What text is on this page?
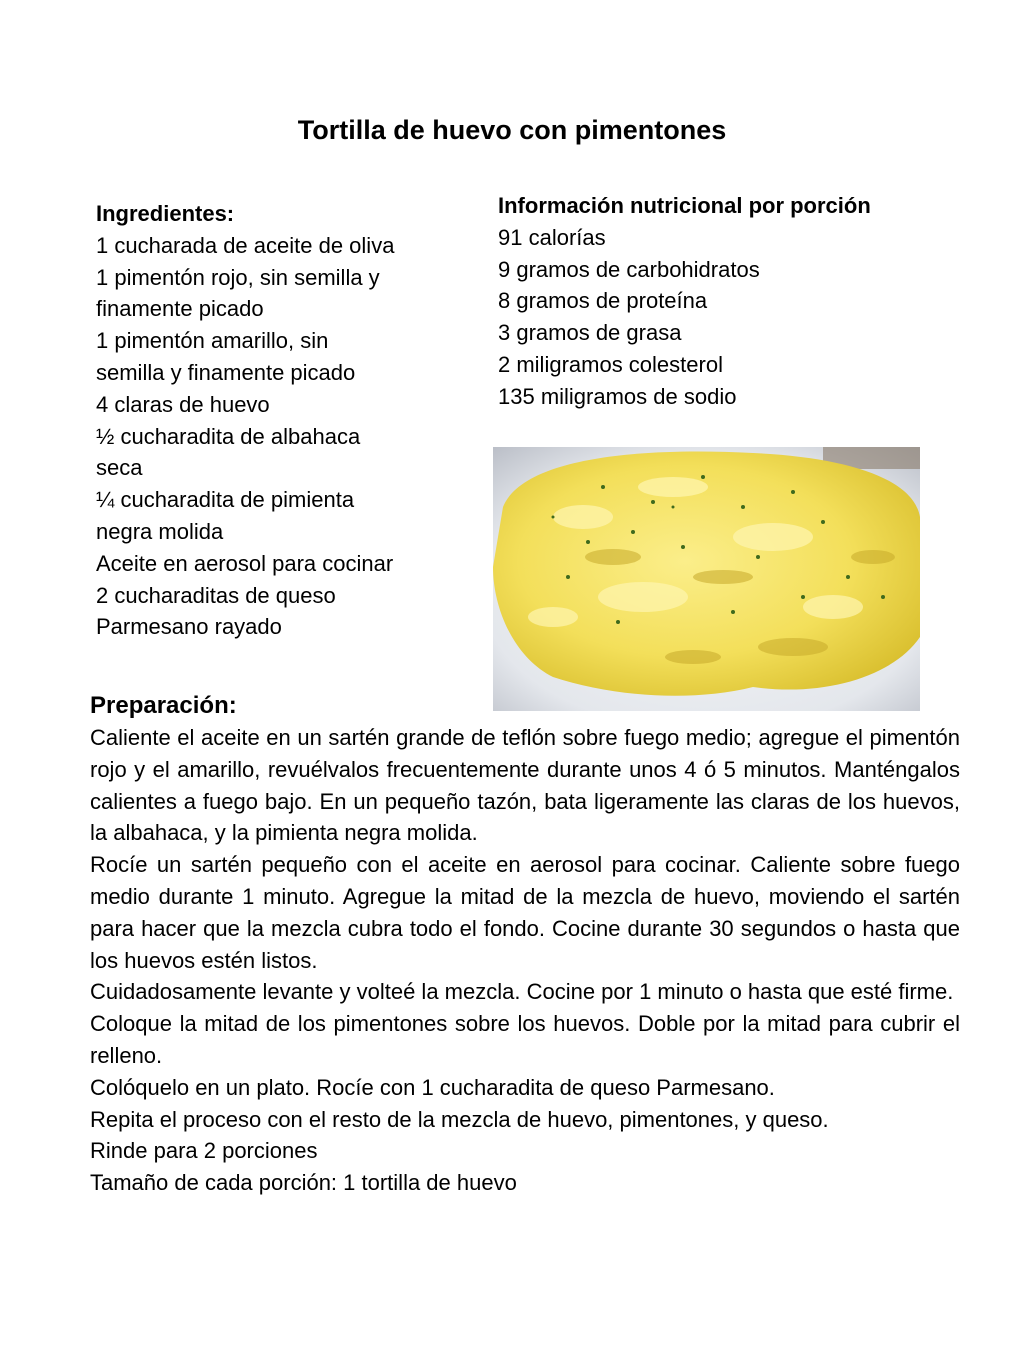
Tortilla de huevo con pimentones
Ingredientes:
1 cucharada de aceite de oliva
1 pimentón rojo, sin semilla y
finamente picado
1 pimentón amarillo, sin
semilla y finamente picado
4 claras de huevo
½ cucharadita de albahaca
seca
¼ cucharadita de pimienta
negra molida
Aceite en aerosol para cocinar
2 cucharaditas de queso
Parmesano rayado
Información nutricional por porción
91 calorías
9 gramos de carbohidratos
8 gramos de proteína
3 gramos de grasa
2 miligramos colesterol
135 miligramos de sodio
Preparación:

Caliente el aceite en un sartén grande de teflón sobre fuego medio; agregue el pimentón rojo y el amarillo, revuélvalos frecuentemente durante unos 4 ó 5 minutos. Manténgalos calientes a fuego bajo. En un pequeño tazón, bata ligeramente las claras de los huevos, la albahaca, y la pimienta negra molida.

Rocíe un sartén pequeño con el aceite en aerosol para cocinar. Caliente sobre fuego medio durante 1 minuto. Agregue la mitad de la mezcla de huevo, moviendo el sartén para hacer que la mezcla cubra todo el fondo. Cocine durante 30 segundos o hasta que los huevos estén listos.

Cuidadosamente levante y volteé la mezcla. Cocine por 1 minuto o hasta que esté firme.

Coloque la mitad de los pimentones sobre los huevos. Doble por la mitad para cubrir el relleno.

Colóquelo en un plato. Rocíe con 1 cucharadita de queso Parmesano.

Repita el proceso con el resto de la mezcla de huevo, pimentones, y queso.

Rinde para 2 porciones

Tamaño de cada porción: 1 tortilla de huevo
